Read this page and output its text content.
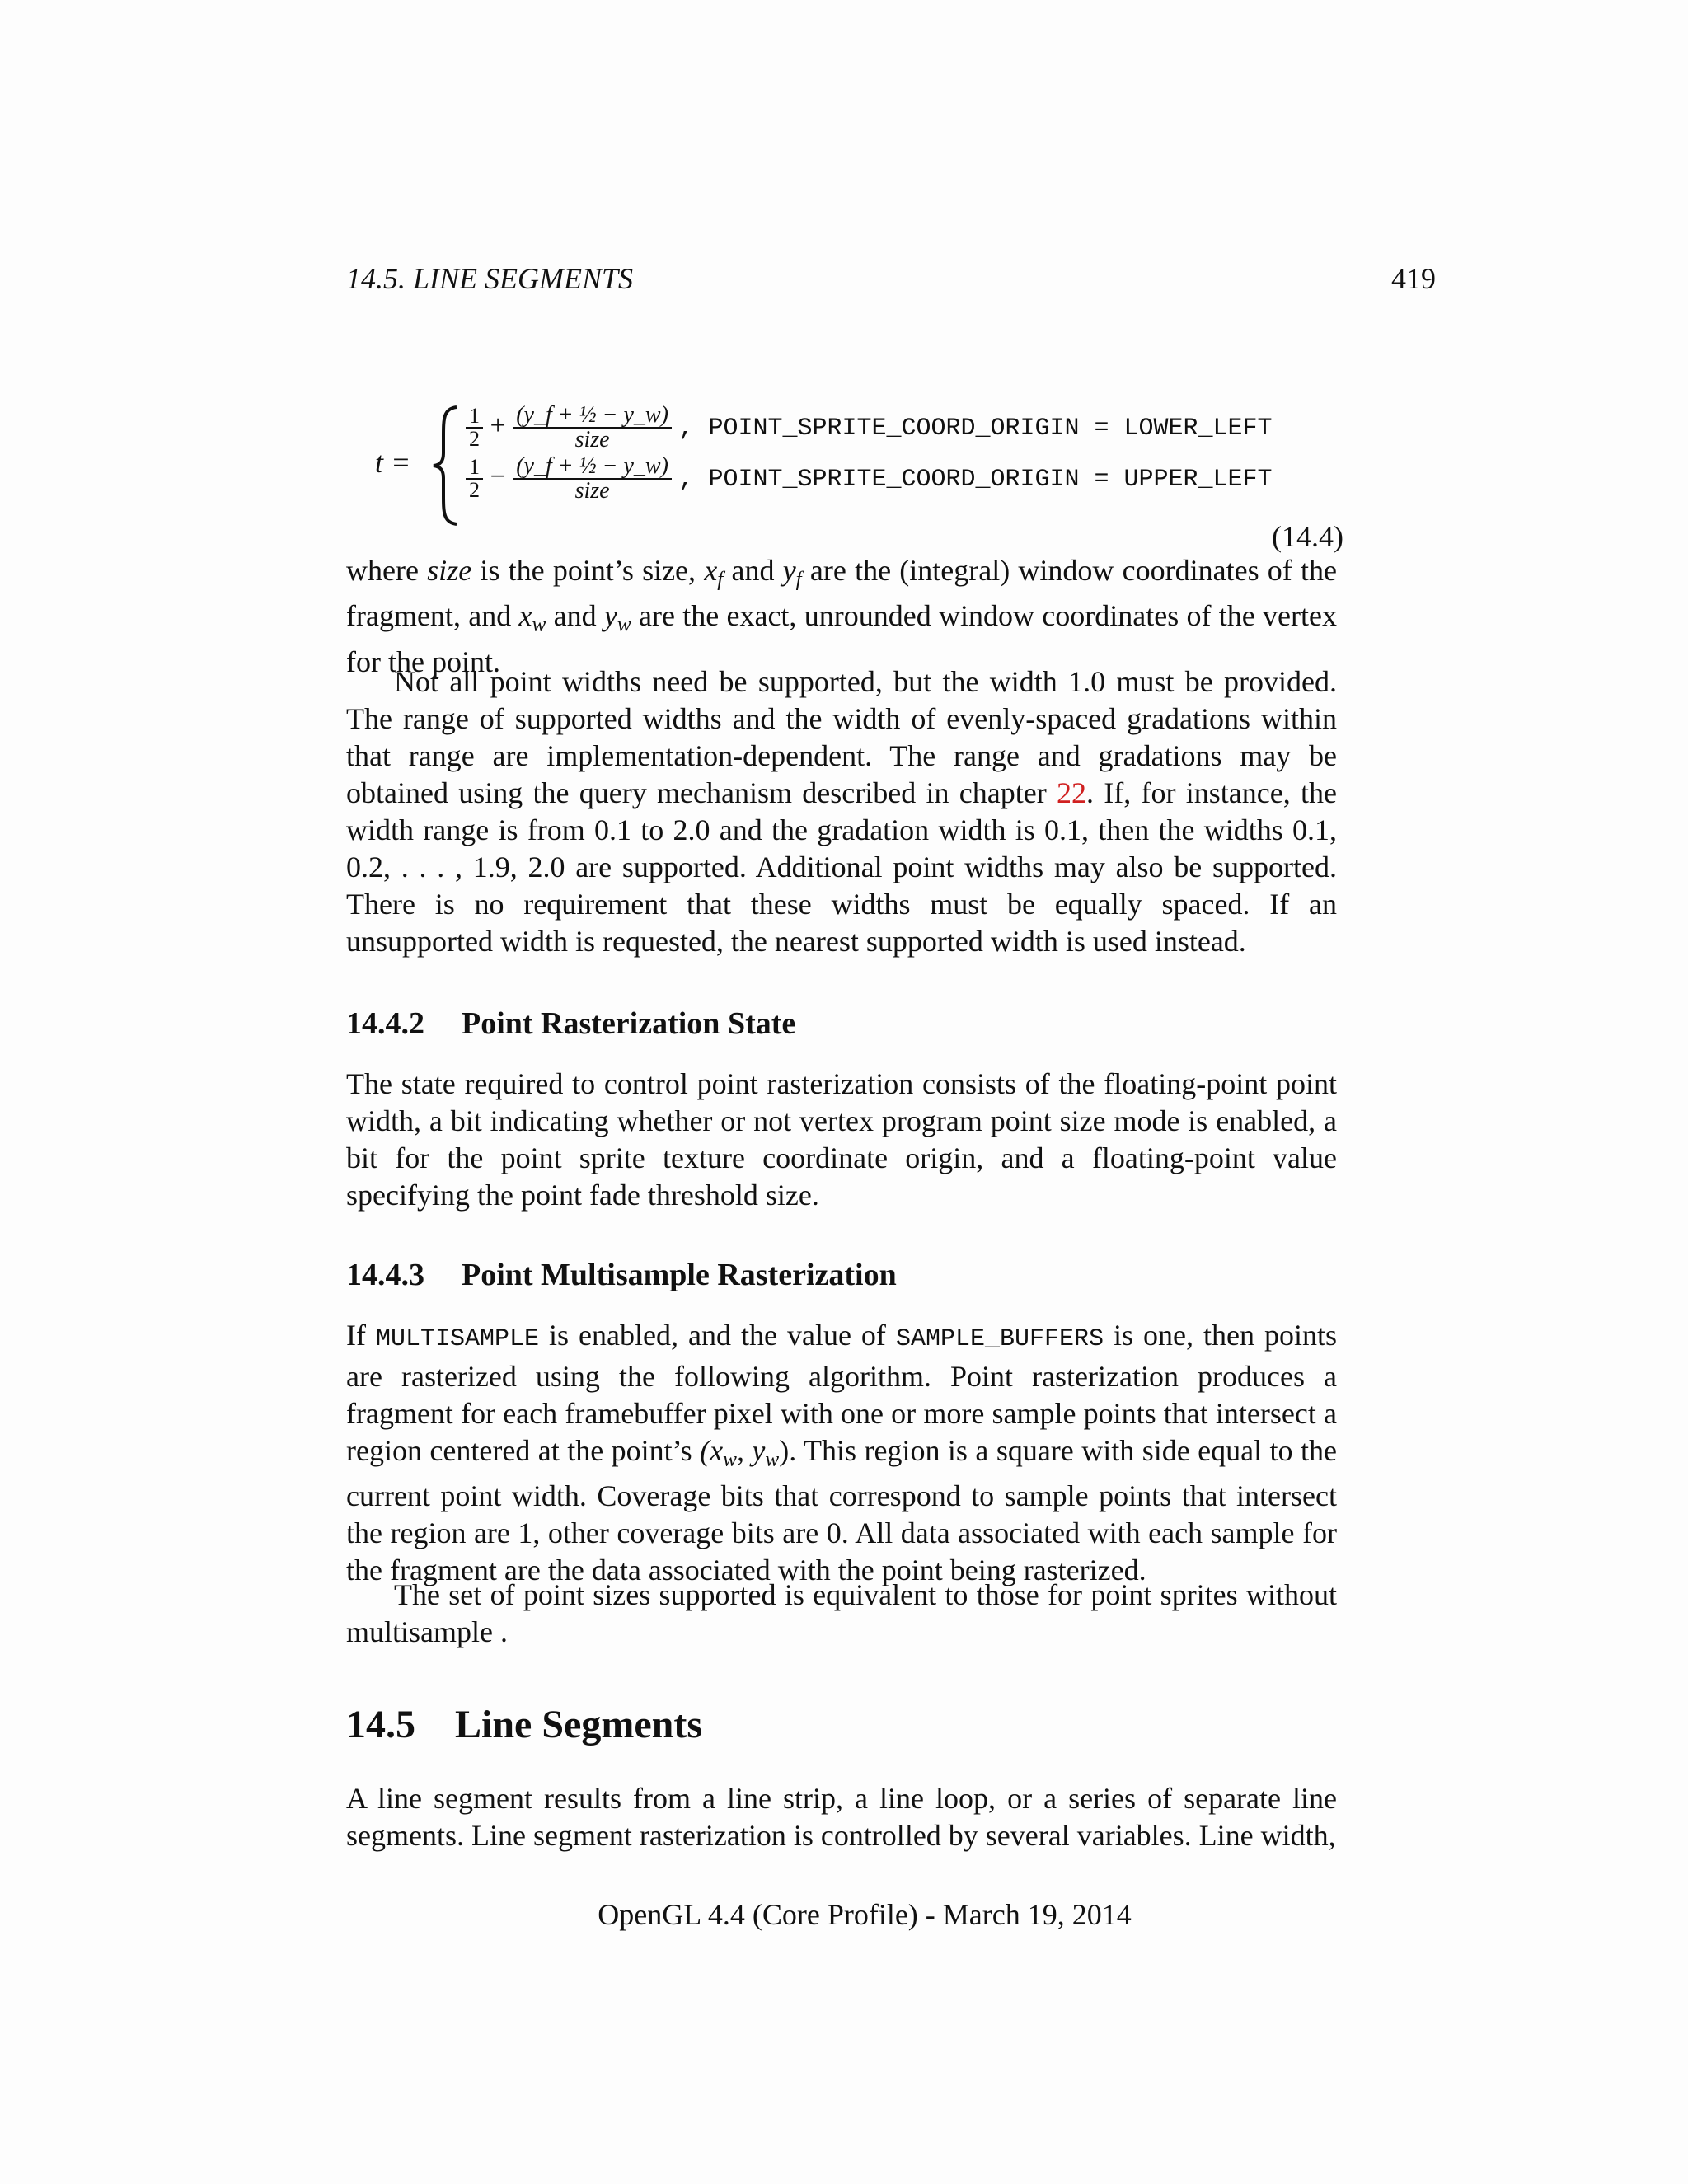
14.5. LINE SEGMENTS	419
t =
$\frac{1}{2} + \frac{\text{(y\_f + ½ − y\_w)}}{\text{size}}$ , POINT_SPRITE_COORD_ORIGIN = LOWER_LEFT
$\frac{1}{2} - \frac{\text{(y\_f + ½ − y\_w)}}{\text{size}}$ , POINT_SPRITE_COORD_ORIGIN = UPPER_LEFT
(14.4)

where size is the point’s size, $x_f$ and $y_f$ are the (integral) window coordinates of the fragment, and $x_w$ and $y_w$ are the exact, unrounded window coordinates of the vertex for the point.

Not all point widths need be supported, but the width 1.0 must be provided. The range of supported widths and the width of evenly-spaced gradations within that range are implementation-dependent. The range and gradations may be obtained using the query mechanism described in chapter 22. If, for instance, the width range is from 0.1 to 2.0 and the gradation width is 0.1, then the widths 0.1, 0.2, . . . , 1.9, 2.0 are supported. Additional point widths may also be supported. There is no requirement that these widths must be equally spaced. If an unsupported width is requested, the nearest supported width is used instead.

14.4.2 Point Rasterization State

The state required to control point rasterization consists of the floating-point point width, a bit indicating whether or not vertex program point size mode is enabled, a bit for the point sprite texture coordinate origin, and a floating-point value specifying the point fade threshold size.

14.4.3 Point Multisample Rasterization

If MULTISAMPLE is enabled, and the value of SAMPLE_BUFFERS is one, then points are rasterized using the following algorithm. Point rasterization produces a fragment for each framebuffer pixel with one or more sample points that intersect a region centered at the point’s ($x_w$, $y_w$). This region is a square with side equal to the current point width. Coverage bits that correspond to sample points that intersect the region are 1, other coverage bits are 0. All data associated with each sample for the fragment are the data associated with the point being rasterized.

The set of point sizes supported is equivalent to those for point sprites without multisample .

14.5 Line Segments

A line segment results from a line strip, a line loop, or a series of separate line segments. Line segment rasterization is controlled by several variables. Line width,

OpenGL 4.4 (Core Profile) - March 19, 2014
